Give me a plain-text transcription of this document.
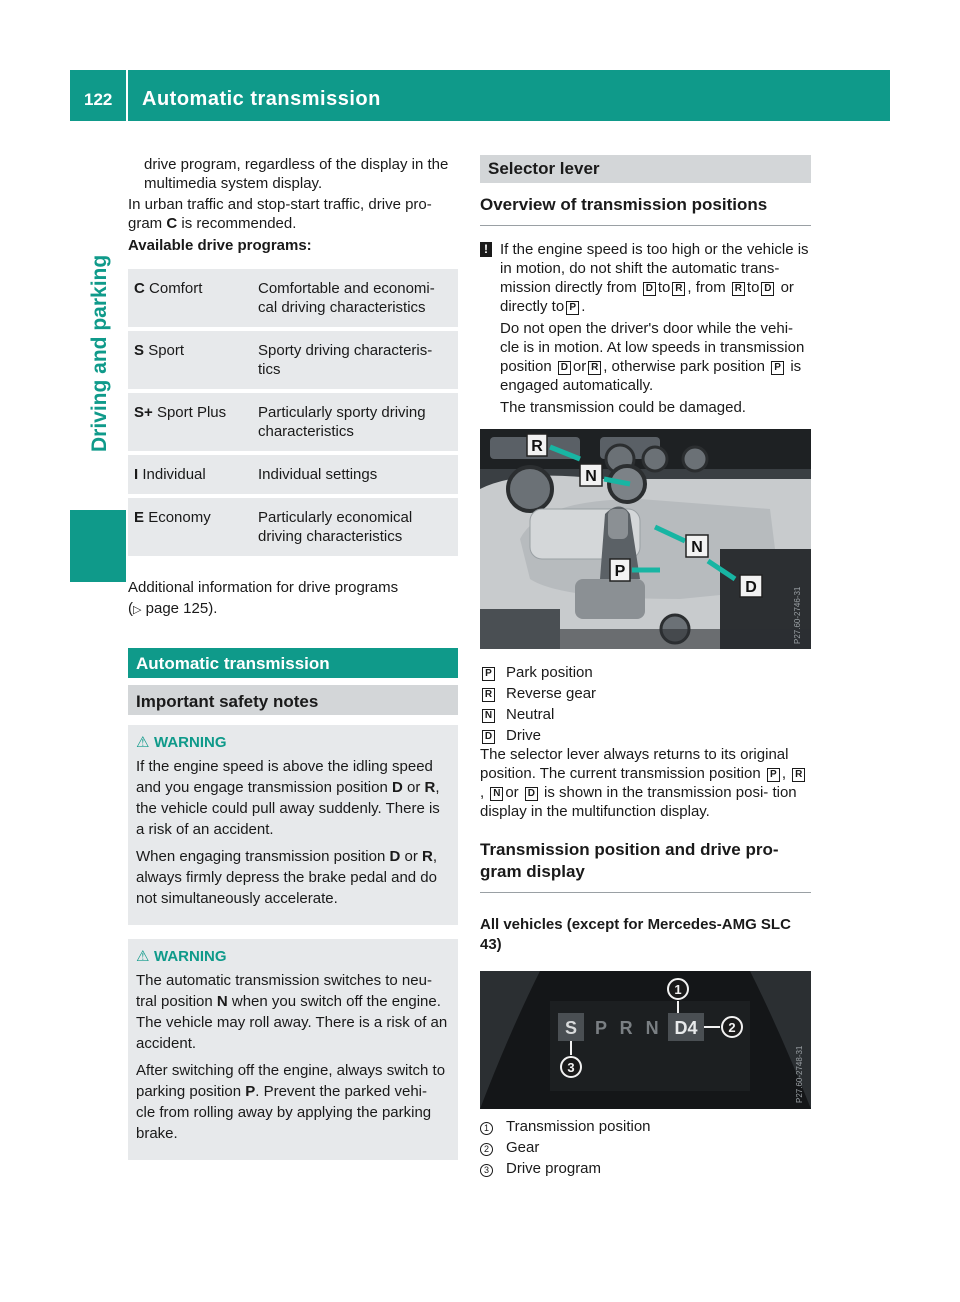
122 Automatic transmission
Driving and parking
drive program, regardless of the display in the multimedia system display.
In urban traffic and stop-start traffic, drive pro- gram C is recommended.
Available drive programs:
C Comfort	Comfortable and economi- cal driving characteristics
S Sport	Sporty driving characteris- tics
S+ Sport Plus	Particularly sporty driving characteristics
I Individual	Individual settings
E Economy	Particularly economical driving characteristics
Additional information for drive programs
(▷ page 125).
Automatic transmission
Important safety notes
⚠ WARNING
If the engine speed is above the idling speed and you engage transmission position D or R, the vehicle could pull away suddenly. There is a risk of an accident.
When engaging transmission position D or R, always firmly depress the brake pedal and do not simultaneously accelerate.
⚠ WARNING
The automatic transmission switches to neu- tral position N when you switch off the engine. The vehicle may roll away. There is a risk of an accident.
After switching off the engine, always switch to parking position P. Prevent the parked vehi- cle from rolling away by applying the parking brake.
Selector lever
Overview of transmission positions
! If the engine speed is too high or the vehicle is in motion, do not shift the automatic trans- mission directly from D to R , from R to D or directly to P .
Do not open the driver's door while the vehi- cle is in motion. At low speeds in transmission position D or R , otherwise park position P is engaged automatically.
The transmission could be damaged.
R
N
N
D
P
P27.60-2746-31
P Park position
R Reverse gear
N Neutral
D Drive
The selector lever always returns to its original position. The current transmission position P , R, N or D is shown in the transmission posi- tion display in the multifunction display.
Transmission position and drive pro- gram display
All vehicles (except for Mercedes-AMG SLC 43)
S P R N D4
1
2
3	P27.60-2748-31
1	Transmission position
2	Gear
3	Drive program
